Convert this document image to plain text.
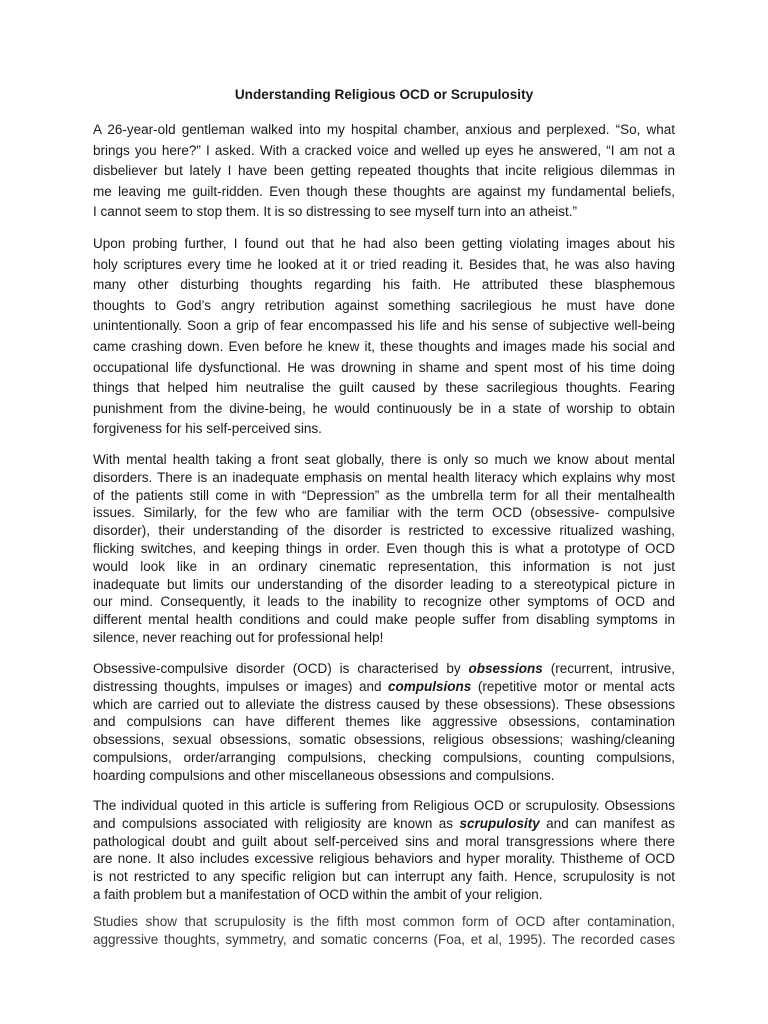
Understanding Religious OCD or Scrupulosity

A 26-year-old gentleman walked into my hospital chamber, anxious and perplexed. “So, what
brings you here?” I asked. With a cracked voice and welled up eyes he answered, “I am not a
disbeliever but lately I have been getting repeated thoughts that incite religious dilemmas in
me leaving me guilt-ridden. Even though these thoughts are against my fundamental beliefs,
I cannot seem to stop them. It is so distressing to see myself turn into an atheist.”

Upon probing further, I found out that he had also been getting violating images about his
holy scriptures every time he looked at it or tried reading it. Besides that, he was also having
many other disturbing thoughts regarding his faith. He attributed these blasphemous
thoughts to God’s angry retribution against something sacrilegious he must have done
unintentionally. Soon a grip of fear encompassed his life and his sense of subjective well-being
came crashing down. Even before he knew it, these thoughts and images made his social and
occupational life dysfunctional. He was drowning in shame and spent most of his time doing
things that helped him neutralise the guilt caused by these sacrilegious thoughts. Fearing
punishment from the divine-being, he would continuously be in a state of worship to obtain
forgiveness for his self-perceived sins.

With mental health taking a front seat globally, there is only so much we know about mental
disorders. There is an inadequate emphasis on mental health literacy which explains why most
of the patients still come in with “Depression” as the umbrella term for all their mentalhealth
issues. Similarly, for the few who are familiar with the term OCD (obsessive- compulsive
disorder), their understanding of the disorder is restricted to excessive ritualized washing,
flicking switches, and keeping things in order. Even though this is what a prototype of OCD
would look like in an ordinary cinematic representation, this information is not just
inadequate but limits our understanding of the disorder leading to a stereotypical picture in
our mind. Consequently, it leads to the inability to recognize other symptoms of OCD and
different mental health conditions and could make people suffer from disabling symptoms in
silence, never reaching out for professional help!

Obsessive-compulsive disorder (OCD) is characterised by obsessions (recurrent, intrusive,
distressing thoughts, impulses or images) and compulsions (repetitive motor or mental acts
which are carried out to alleviate the distress caused by these obsessions). These obsessions
and compulsions can have different themes like aggressive obsessions, contamination
obsessions, sexual obsessions, somatic obsessions, religious obsessions; washing/cleaning
compulsions, order/arranging compulsions, checking compulsions, counting compulsions,
hoarding compulsions and other miscellaneous obsessions and compulsions.

The individual quoted in this article is suffering from Religious OCD or scrupulosity. Obsessions
and compulsions associated with religiosity are known as scrupulosity and can manifest as
pathological doubt and guilt about self-perceived sins and moral transgressions where there
are none. It also includes excessive religious behaviors and hyper morality. Thistheme of OCD
is not restricted to any specific religion but can interrupt any faith. Hence, scrupulosity is not
a faith problem but a manifestation of OCD within the ambit of your religion.

Studies show that scrupulosity is the fifth most common form of OCD after contamination,
aggressive thoughts, symmetry, and somatic concerns (Foa, et al, 1995). The recorded cases
